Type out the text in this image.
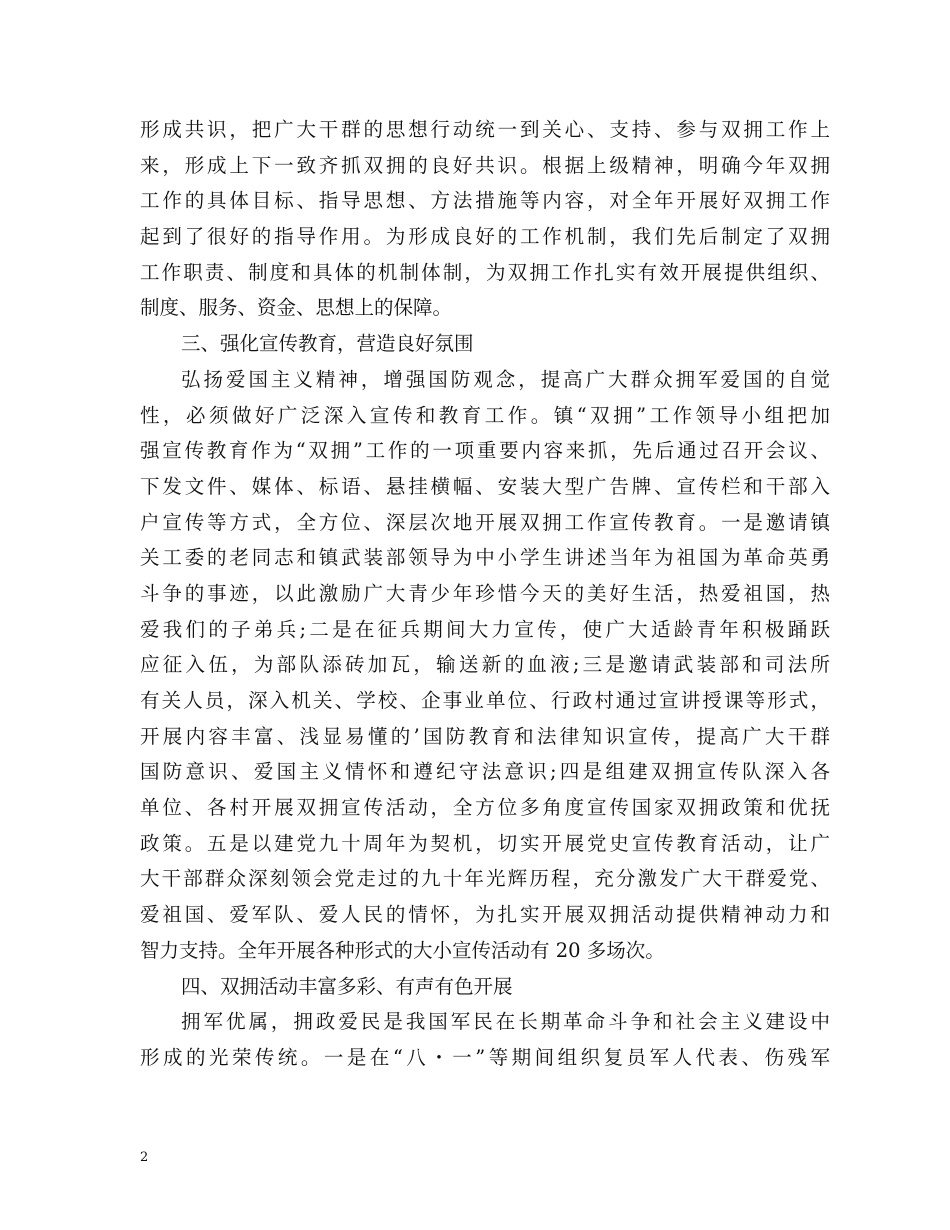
形成共识，把广大干群的思想行动统一到关心、支持、参与双拥工作上
来，形成上下一致齐抓双拥的良好共识。根据上级精神，明确今年双拥
工作的具体目标、指导思想、方法措施等内容，对全年开展好双拥工作
起到了很好的指导作用。为形成良好的工作机制，我们先后制定了双拥
工作职责、制度和具体的机制体制，为双拥工作扎实有效开展提供组织、
制度、服务、资金、思想上的保障。
三、强化宣传教育，营造良好氛围
弘扬爱国主义精神，增强国防观念，提高广大群众拥军爱国的自觉
性，必须做好广泛深入宣传和教育工作。镇“双拥”工作领导小组把加
强宣传教育作为“双拥”工作的一项重要内容来抓，先后通过召开会议、
下发文件、媒体、标语、悬挂横幅、安装大型广告牌、宣传栏和干部入
户宣传等方式，全方位、深层次地开展双拥工作宣传教育。一是邀请镇
关工委的老同志和镇武装部领导为中小学生讲述当年为祖国为革命英勇
斗争的事迹，以此激励广大青少年珍惜今天的美好生活，热爱祖国，热
爱我们的子弟兵;二是在征兵期间大力宣传，使广大适龄青年积极踊跃
应征入伍，为部队添砖加瓦，输送新的血液;三是邀请武装部和司法所
有关人员，深入机关、学校、企事业单位、行政村通过宣讲授课等形式，
开展内容丰富、浅显易懂的’国防教育和法律知识宣传，提高广大干群
国防意识、爱国主义情怀和遵纪守法意识;四是组建双拥宣传队深入各
单位、各村开展双拥宣传活动，全方位多角度宣传国家双拥政策和优抚
政策。五是以建党九十周年为契机，切实开展党史宣传教育活动，让广
大干部群众深刻领会党走过的九十年光辉历程，充分激发广大干群爱党、
爱祖国、爱军队、爱人民的情怀，为扎实开展双拥活动提供精神动力和
智力支持。全年开展各种形式的大小宣传活动有 20 多场次。
四、双拥活动丰富多彩、有声有色开展
拥军优属，拥政爱民是我国军民在长期革命斗争和社会主义建设中
形成的光荣传统。一是在“八・一”等期间组织复员军人代表、伤残军
2
